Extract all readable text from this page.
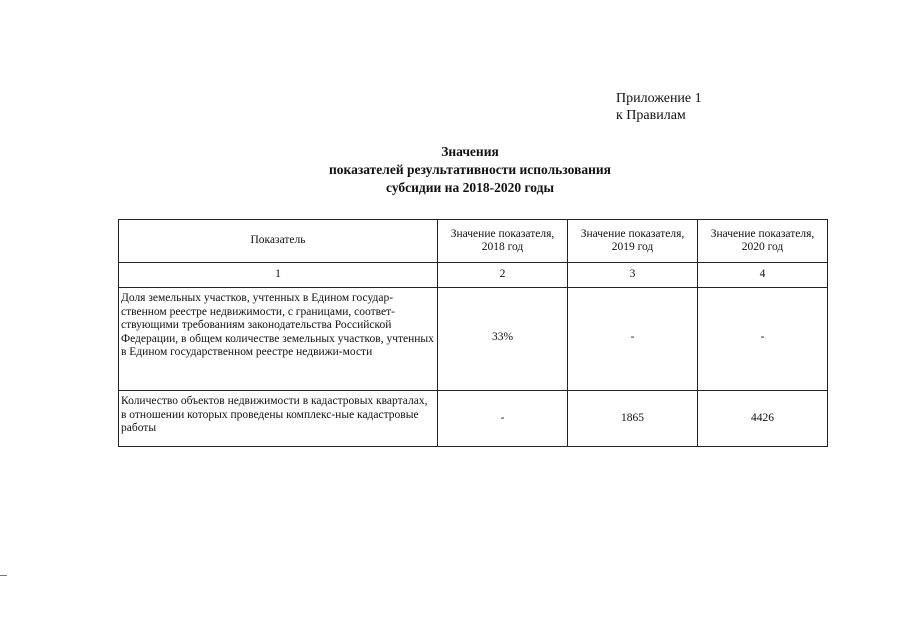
Приложение 1
к Правилам
Значения
показателей результативности использования
субсидии на 2018-2020 годы
Показатель	Значение показателя, 2018 год	Значение показателя, 2019 год	Значение показателя, 2020 год
1	2	3	4
Доля земельных участков, учтенных в Едином государ-ственном реестре недвижимости, с границами, соответ-ствующими требованиям законодательства Российской Федерации, в общем количестве земельных участков, учтенных в Едином государственном реестре недвижи-мости	33%	-	-
Количество объектов недвижимости в кадастровых кварталах, в отношении которых проведены комплекс-ные кадастровые работы	-	1865	4426
